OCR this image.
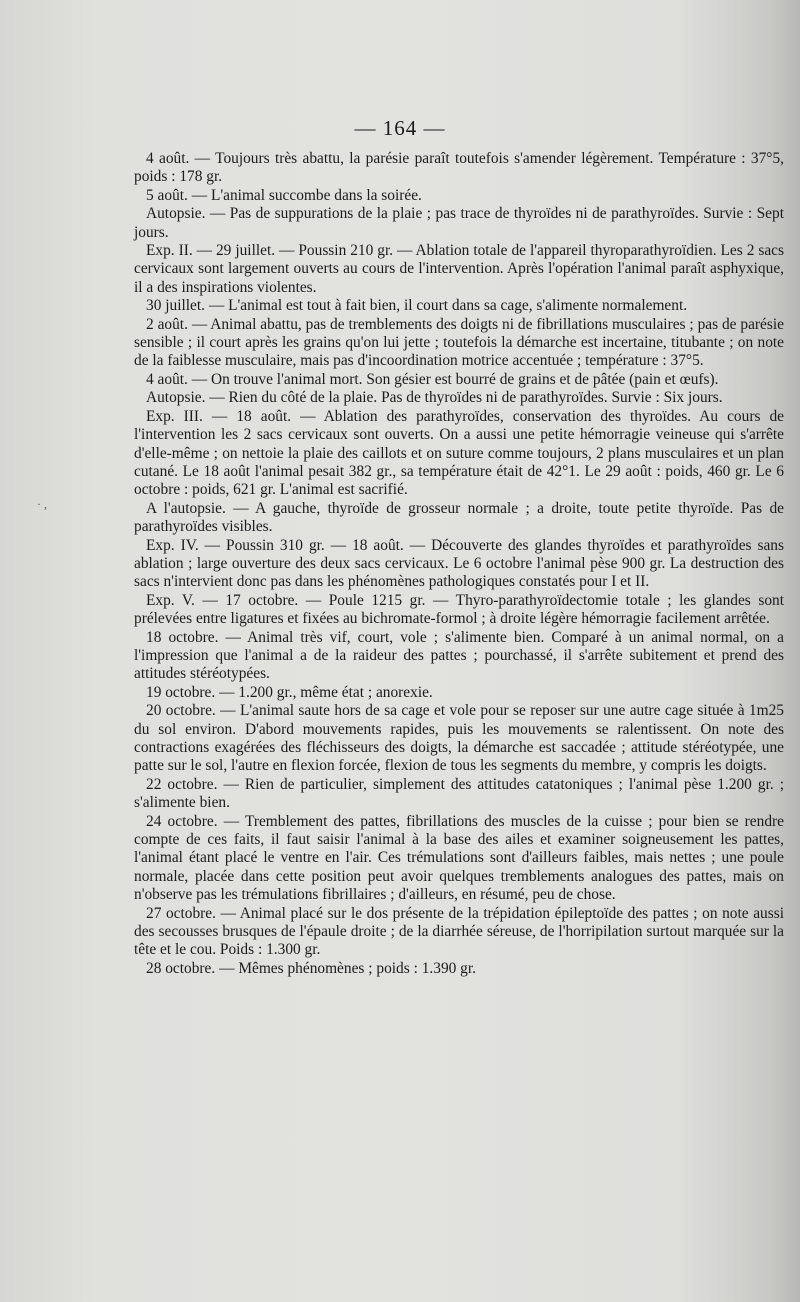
— 164 —
· ,

4 août. — Toujours très abattu, la parésie paraît toutefois s'amender légèrement. Température : 37°5, poids : 178 gr.

5 août. — L'animal succombe dans la soirée.

Autopsie. — Pas de suppurations de la plaie ; pas trace de thyroïdes ni de parathyroïdes. Survie : Sept jours.

Exp. II. — 29 juillet. — Poussin 210 gr. — Ablation totale de l'appareil thyroparathyroïdien. Les 2 sacs cervicaux sont largement ouverts au cours de l'intervention. Après l'opération l'animal paraît asphyxique, il a des inspirations violentes.

30 juillet. — L'animal est tout à fait bien, il court dans sa cage, s'alimente normalement.

2 août. — Animal abattu, pas de tremblements des doigts ni de fibrillations musculaires ; pas de parésie sensible ; il court après les grains qu'on lui jette ; toutefois la démarche est incertaine, titubante ; on note de la faiblesse musculaire, mais pas d'incoordination motrice accentuée ; température : 37°5.

4 août. — On trouve l'animal mort. Son gésier est bourré de grains et de pâtée (pain et œufs).

Autopsie. — Rien du côté de la plaie. Pas de thyroïdes ni de parathyroïdes. Survie : Six jours.

Exp. III. — 18 août. — Ablation des parathyroïdes, conservation des thyroïdes. Au cours de l'intervention les 2 sacs cervicaux sont ouverts. On a aussi une petite hémorragie veineuse qui s'arrête d'elle-même ; on nettoie la plaie des caillots et on suture comme toujours, 2 plans musculaires et un plan cutané. Le 18 août l'animal pesait 382 gr., sa température était de 42°1. Le 29 août : poids, 460 gr. Le 6 octobre : poids, 621 gr. L'animal est sacrifié.

A l'autopsie. — A gauche, thyroïde de grosseur normale ; a droite, toute petite thyroïde. Pas de parathyroïdes visibles.

Exp. IV. — Poussin 310 gr. — 18 août. — Découverte des glandes thyroïdes et parathyroïdes sans ablation ; large ouverture des deux sacs cervicaux. Le 6 octobre l'animal pèse 900 gr. La destruction des sacs n'intervient donc pas dans les phénomènes pathologiques constatés pour I et II.

Exp. V. — 17 octobre. — Poule 1215 gr. — Thyro-parathyroïdectomie totale ; les glandes sont prélevées entre ligatures et fixées au bichromate-formol ; à droite légère hémorragie facilement arrêtée.

18 octobre. — Animal très vif, court, vole ; s'alimente bien. Comparé à un animal normal, on a l'impression que l'animal a de la raideur des pattes ; pourchassé, il s'arrête subitement et prend des attitudes stéréotypées.

19 octobre. — 1.200 gr., même état ; anorexie.

20 octobre. — L'animal saute hors de sa cage et vole pour se reposer sur une autre cage située à 1m25 du sol environ. D'abord mouvements rapides, puis les mouvements se ralentissent. On note des contractions exagérées des fléchisseurs des doigts, la démarche est saccadée ; attitude stéréotypée, une patte sur le sol, l'autre en flexion forcée, flexion de tous les segments du membre, y compris les doigts.

22 octobre. — Rien de particulier, simplement des attitudes catatoniques ; l'animal pèse 1.200 gr. ; s'alimente bien.

24 octobre. — Tremblement des pattes, fibrillations des muscles de la cuisse ; pour bien se rendre compte de ces faits, il faut saisir l'animal à la base des ailes et examiner soigneusement les pattes, l'animal étant placé le ventre en l'air. Ces trémulations sont d'ailleurs faibles, mais nettes ; une poule normale, placée dans cette position peut avoir quelques tremblements analogues des pattes, mais on n'observe pas les trémulations fibrillaires ; d'ailleurs, en résumé, peu de chose.

27 octobre. — Animal placé sur le dos présente de la trépidation épileptoïde des pattes ; on note aussi des secousses brusques de l'épaule droite ; de la diarrhée séreuse, de l'horripilation surtout marquée sur la tête et le cou. Poids : 1.300 gr.

28 octobre. — Mêmes phénomènes ; poids : 1.390 gr.
